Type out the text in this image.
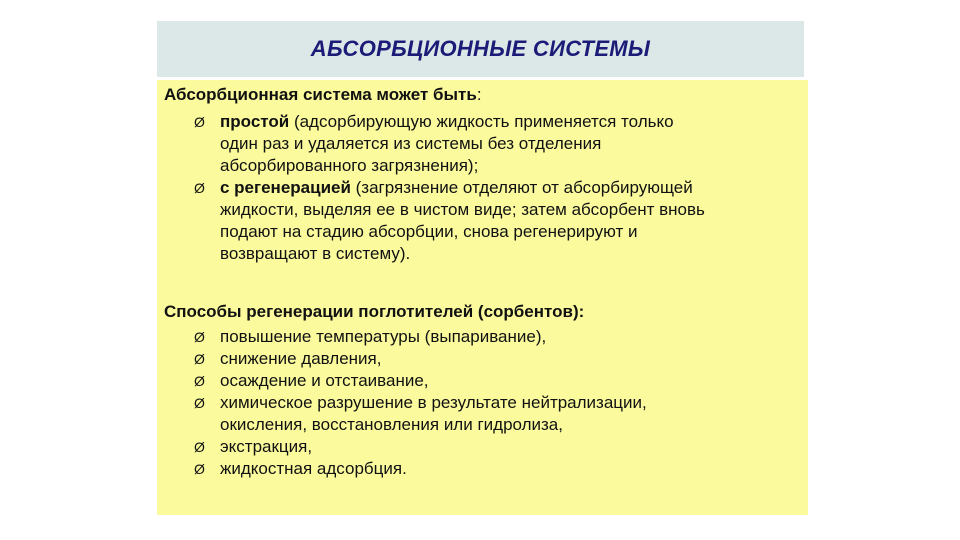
АБСОРБЦИОННЫЕ СИСТЕМЫ
Абсорбционная система может быть:
Ø простой (адсорбирующую жидкость применяется только
один раз и удаляется из системы без отделения
абсорбированного загрязнения);
Ø с регенерацией (загрязнение отделяют от абсорбирующей
жидкости, выделяя ее в чистом виде; затем абсорбент вновь
подают на стадию абсорбции, снова регенерируют и
возвращают в систему).
Способы регенерации поглотителей (сорбентов):
Ø повышение температуры (выпаривание),
Ø снижение давления,
Ø осаждение и отстаивание,
Ø химическое разрушение в результате нейтрализации,
окисления, восстановления или гидролиза,
Ø экстракция,
Ø жидкостная адсорбция.
